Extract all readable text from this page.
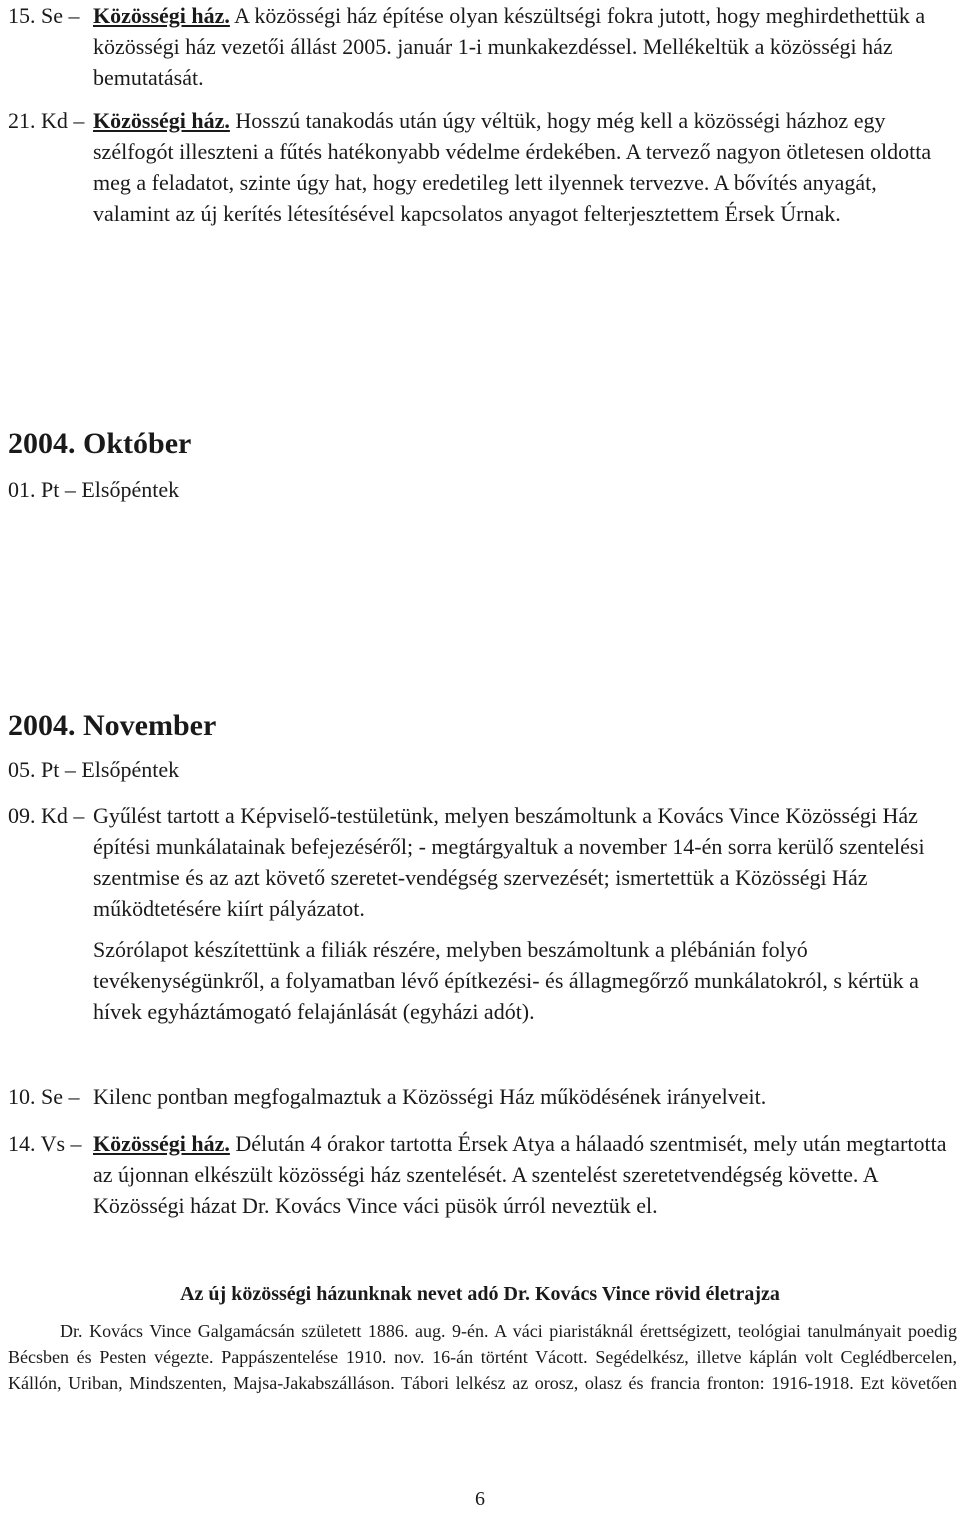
15. Se – Közösségi ház. A közösségi ház építése olyan készültségi fokra jutott, hogy meghirdethettük a közösségi ház vezetői állást 2005. január 1-i munkakezdéssel. Mellékeltük a közösségi ház bemutatását.
21. Kd – Közösségi ház. Hosszú tanakodás után úgy véltük, hogy még kell a közösségi házhoz egy szélfogót illeszteni a fűtés hatékonyabb védelme érdekében. A tervező nagyon ötletesen oldotta meg a feladatot, szinte úgy hat, hogy eredetileg lett ilyennek tervezve. A bővítés anyagát, valamint az új kerítés létesítésével kapcsolatos anyagot felterjesztettem Érsek Úrnak.
2004. Október
01. Pt – Elsőpéntek
2004. November
05. Pt – Elsőpéntek
09. Kd – Gyűlést tartott a Képviselő-testületünk, melyen beszámoltunk a Kovács Vince Közösségi Ház építési munkálatainak befejezéséről; - megtárgyaltuk a november 14-én sorra kerülő szentelési szentmise és az azt követő szeretet-vendégség szervezését; ismertettük a Közösségi Ház működtetésére kiírt pályázatot.
Szórólapot készítettünk a filiák részére, melyben beszámoltunk a plébánián folyó tevékenységünkről, a folyamatban lévő építkezési- és állagmegőrző munkálatokról, s kértük a hívek egyháztámogató felajánlását (egyházi adót).
10. Se – Kilenc pontban megfogalmaztuk a Közösségi Ház működésének irányelveit.
14. Vs – Közösségi ház. Délután 4 órakor tartotta Érsek Atya a hálaadó szentmisét, mely után megtartotta az újonnan elkészült közösségi ház szentelését. A szentelést szeretetvendégség követte. A Közösségi házat Dr. Kovács Vince váci püsök úrról neveztük el.
Az új közösségi házunknak nevet adó Dr. Kovács Vince rövid életrajza
Dr. Kovács Vince Galgamácsán született 1886. aug. 9-én. A váci piaristáknál érettségizett, teológiai tanulmányait poedig Bécsben és Pesten végezte. Pappászentelése 1910. nov. 16-án történt Vácott. Segédelkész, illetve káplán volt Ceglédbercelen, Kállón, Uriban, Mindszenten, Majsa-Jakabszálláson. Tábori lelkész az orosz, olasz és francia fronton: 1916-1918. Ezt követően
6
